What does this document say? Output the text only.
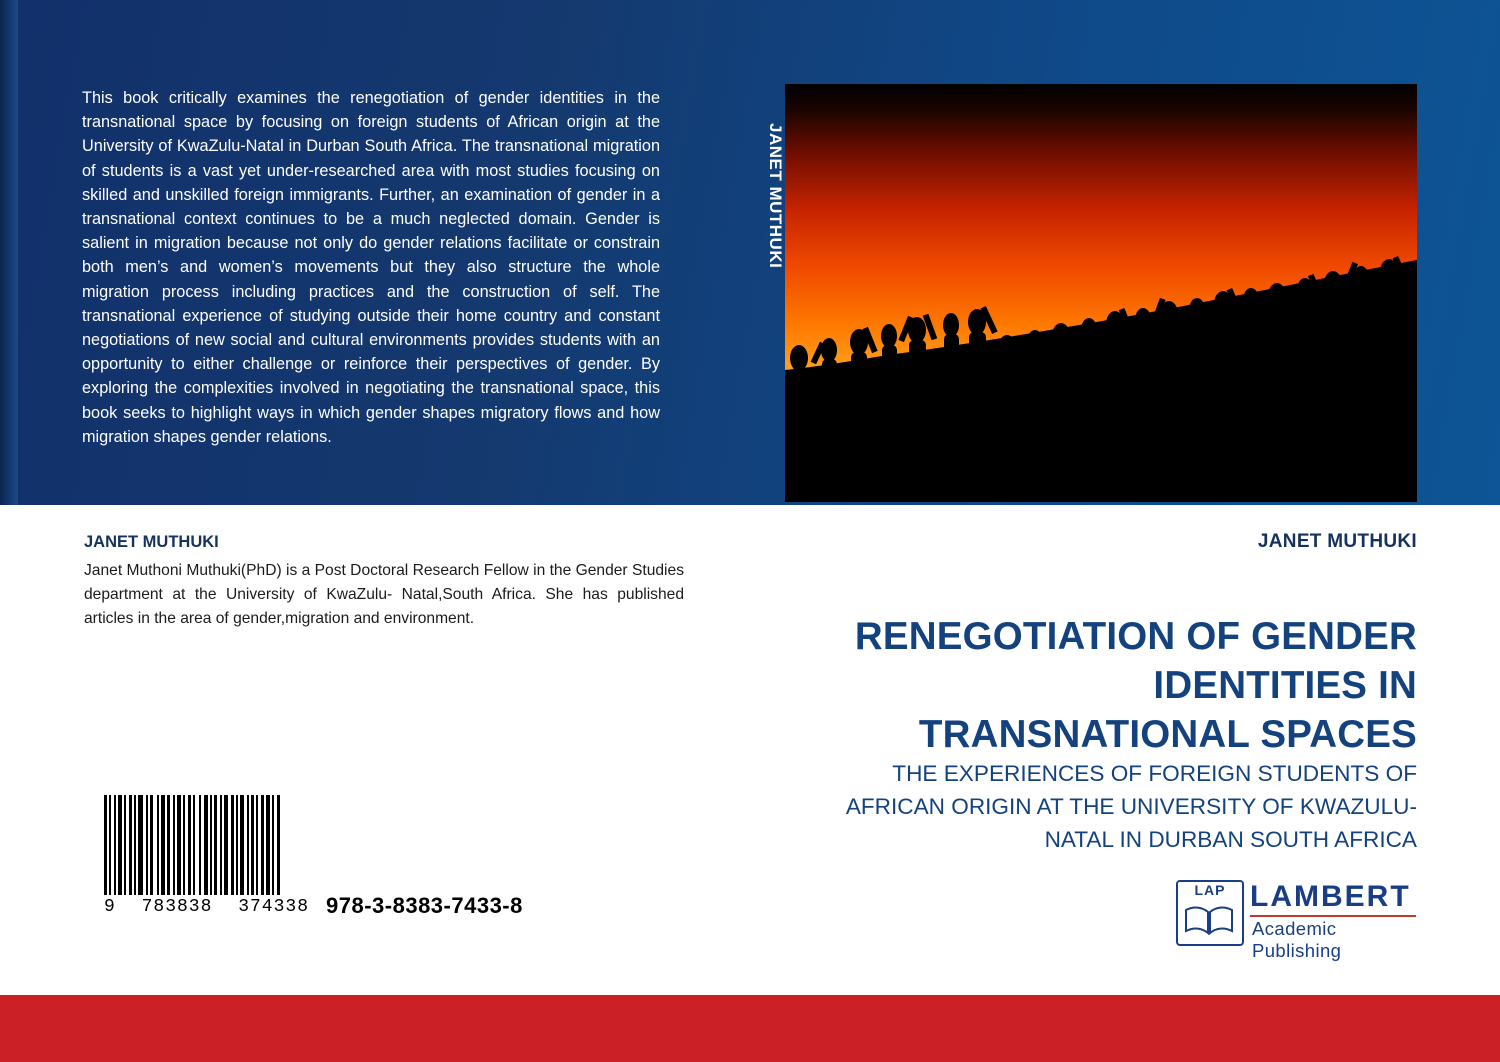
This book critically examines the renegotiation of gender identities in the transnational space by focusing on foreign students of African origin at the University of KwaZulu-Natal in Durban South Africa. The transnational migration of students is a vast yet under-researched area with most studies focusing on skilled and unskilled foreign immigrants. Further, an examination of gender in a transnational context continues to be a much neglected domain. Gender is salient in migration because not only do gender relations facilitate or constrain both men’s and women’s movements but they also structure the whole migration process including practices and the construction of self. The transnational experience of studying outside their home country and constant negotiations of new social and cultural environments provides students with an opportunity to either challenge or reinforce their perspectives of gender. By exploring the complexities involved in negotiating the transnational space, this book seeks to highlight ways in which gender shapes migratory flows and how migration shapes gender relations.
JANET MUTHUKI
JANET MUTHUKI
Janet Muthoni Muthuki(PhD) is a Post Doctoral Research Fellow in the Gender Studies department at the University of KwaZulu- Natal,South Africa. She has published articles in the area of gender,migration and environment.
9 783838 374338 978-3-8383-7433-8
JANET MUTHUKI
RENEGOTIATION OF GENDER IDENTITIES IN TRANSNATIONAL SPACES
THE EXPERIENCES OF FOREIGN STUDENTS OF AFRICAN ORIGIN AT THE UNIVERSITY OF KWAZULU-NATAL IN DURBAN SOUTH AFRICA
LAP LAMBERT
Academic Publishing
